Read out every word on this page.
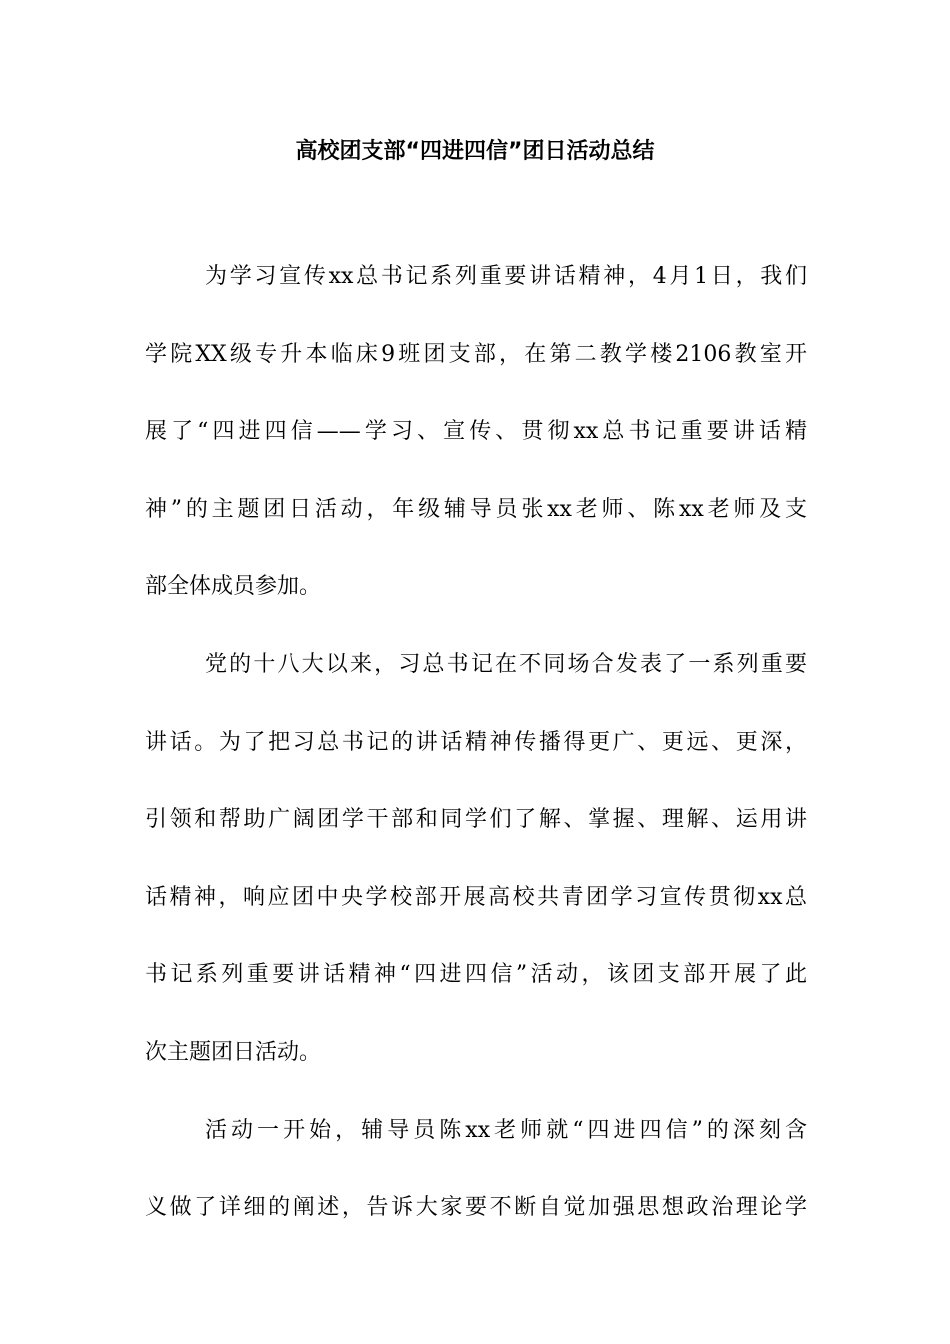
高校团支部“四进四信”团日活动总结
为学习宣传xx总书记系列重要讲话精神，4月1日，我们
学院XX级专升本临床9班团支部，在第二教学楼2106教室开
展了“四进四信——学习、宣传、贯彻xx总书记重要讲话精
神”的主题团日活动，年级辅导员张xx老师、陈xx老师及支
部全体成员参加。
党的十八大以来，习总书记在不同场合发表了一系列重要
讲话。为了把习总书记的讲话精神传播得更广、更远、更深，
引领和帮助广阔团学干部和同学们了解、掌握、理解、运用讲
话精神，响应团中央学校部开展高校共青团学习宣传贯彻xx总
书记系列重要讲话精神“四进四信”活动，该团支部开展了此
次主题团日活动。
活动一开始，辅导员陈xx老师就“四进四信”的深刻含
义做了详细的阐述，告诉大家要不断自觉加强思想政治理论学
